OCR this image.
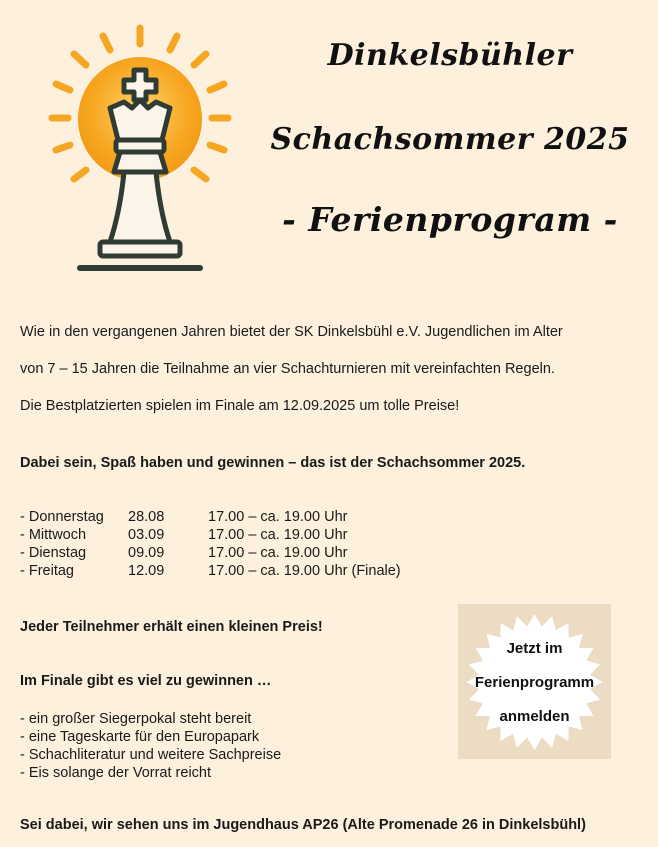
Dinkelsbühler
Schachsommer 2025
- Ferienprogram -
Wie in den vergangenen Jahren bietet der SK Dinkelsbühl e.V. Jugendlichen im Alter
von 7 – 15 Jahren die Teilnahme an vier Schachturnieren mit vereinfachten Regeln.
Die Bestplatzierten spielen im Finale am 12.09.2025 um tolle Preise!
Dabei sein, Spaß haben und gewinnen – das ist der Schachsommer 2025.
- Donnerstag	28.08	17.00 – ca. 19.00 Uhr
- Mittwoch	03.09	17.00 – ca. 19.00 Uhr
- Dienstag	09.09	17.00 – ca. 19.00 Uhr
- Freitag	12.09	17.00 – ca. 19.00 Uhr (Finale)
Jeder Teilnehmer erhält einen kleinen Preis!
Im Finale gibt es viel zu gewinnen …
- ein großer Siegerpokal steht bereit
- eine Tageskarte für den Europapark
- Schachliteratur und weitere Sachpreise
- Eis solange der Vorrat reicht
Jetzt im
Ferienprogramm
anmelden
Sei dabei, wir sehen uns im Jugendhaus AP26 (Alte Promenade 26 in Dinkelsbühl)
